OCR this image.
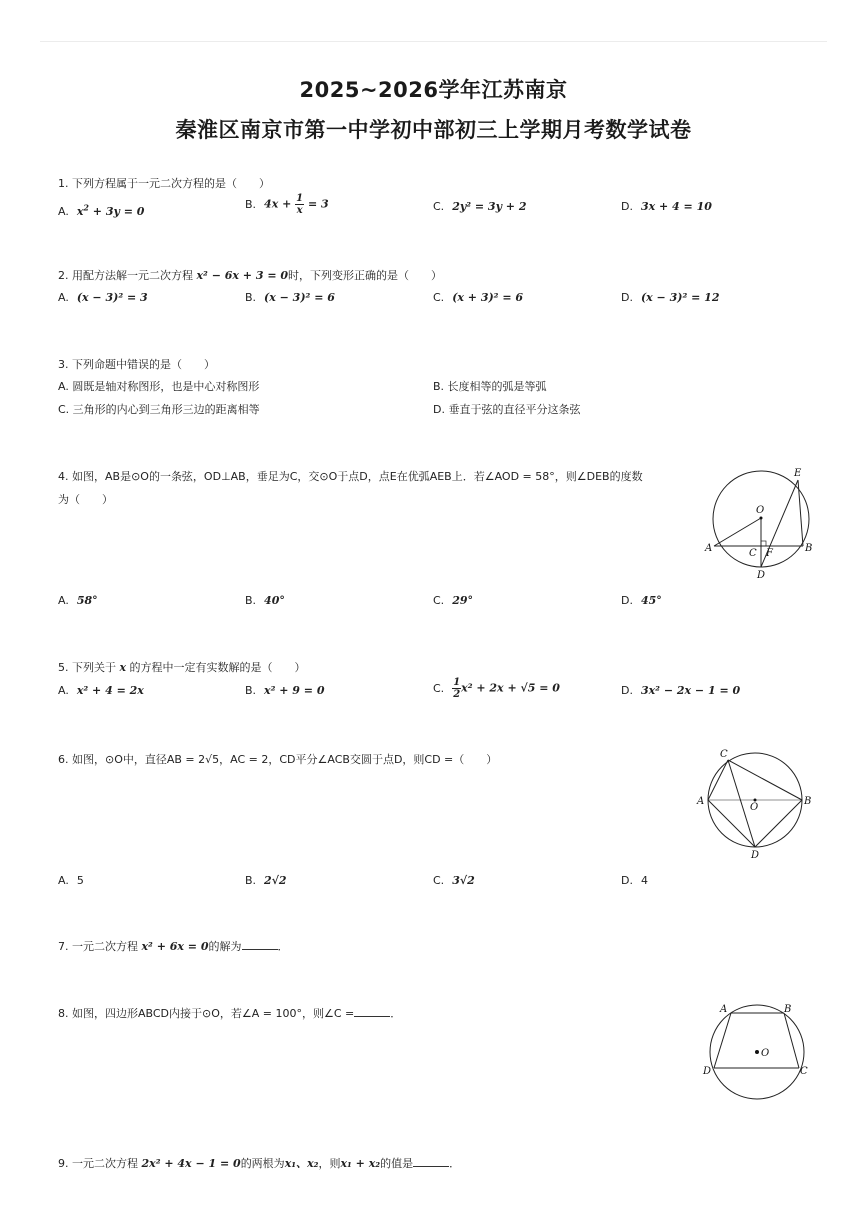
2025~2026学年江苏南京
秦淮区南京市第一中学初中部初三上学期月考数学试卷
1. 下列方程属于一元二次方程的是（　　）
A. $x^2 + 3y = 0$
B. $4x + \frac{1}{x} = 3$	C. 2y² = 3y + 2	D. 3x + 4 = 10
2. 用配方法解一元二次方程 x² − 6x + 3 = 0时，下列变形正确的是（　　）
A. (x − 3)² = 3	B. (x − 3)² = 6	C. (x + 3)² = 6	D. (x − 3)² = 12
3. 下列命题中错误的是（　　）
A. 圆既是轴对称图形，也是中心对称图形	B. 长度相等的弧是等弧
C. 三角形的内心到三角形三边的距离相等	D. 垂直于弦的直径平分这条弦
4. 如图，AB是⊙O的一条弦，OD⊥AB，垂足为C，交⊙O于点D，点E在优弧AEB上．若∠AOD = 58°，则∠DEB的度数
为（　　）
E
O
A	C F	B
D
A. 58°	B. 40°	C. 29°	D. 45°
5. 下列关于 x 的方程中一定有实数解的是（　　）
A. x² + 4 = 2x	B. x² + 9 = 0	C. $\frac{1}{2} x^2 + 2x + √5 = 0$	D. 3x² − 2x − 1 = 0
6. 如图，⊙O中，直径AB = 2√5，AC = 2，CD平分∠ACB交圆于点D，则CD =（　　）	C
A
O
B
D
A. 5	B. 2√2	C. 3√2	D. 4
7. 一元二次方程 x² + 6x = 0的解为	．
8. 如图，四边形ABCD内接于⊙O，若∠A = 100°，则∠C =	．	A	B
O
D	C
9. 一元二次方程 2x² + 4x − 1 = 0的两根为x₁、x₂，则x₁ + x₂的值是	．
